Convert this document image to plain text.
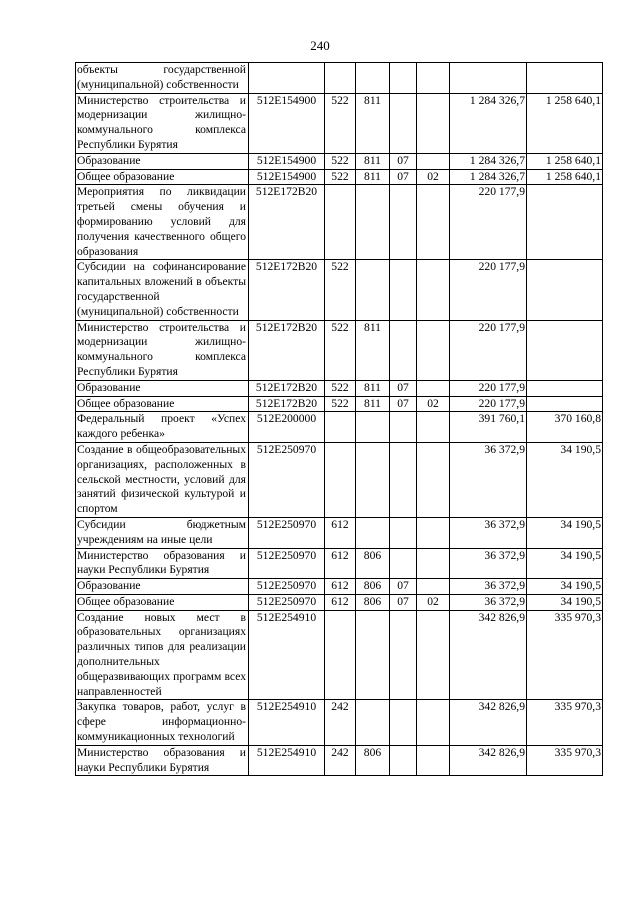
240
объекты государственной (муниципальной) собственности							
Министерство строительства и модернизации жилищно-коммунального комплекса Республики Бурятия	512E154900	522	811			1 284 326,7	1 258 640,1
Образование	512E154900	522	811	07		1 284 326,7	1 258 640,1
Общее образование	512E154900	522	811	07	02	1 284 326,7	1 258 640,1
Мероприятия по ликвидации третьей смены обучения и формированию условий для получения качественного общего образования	512E172B20					220 177,9	
Субсидии на софинансирование капитальных вложений в объекты государственной (муниципальной) собственности	512E172B20	522				220 177,9	
Министерство строительства и модернизации жилищно-коммунального комплекса Республики Бурятия	512E172B20	522	811			220 177,9	
Образование	512E172B20	522	811	07		220 177,9	
Общее образование	512E172B20	522	811	07	02	220 177,9	
Федеральный проект «Успех каждого ребенка»	512E200000					391 760,1	370 160,8
Создание в общеобразовательных организациях, расположенных в сельской местности, условий для занятий физической культурой и спортом	512E250970					36 372,9	34 190,5
Субсидии бюджетным учреждениям на иные цели	512E250970	612				36 372,9	34 190,5
Министерство образования и науки Республики Бурятия	512E250970	612	806			36 372,9	34 190,5
Образование	512E250970	612	806	07		36 372,9	34 190,5
Общее образование	512E250970	612	806	07	02	36 372,9	34 190,5
Создание новых мест в образовательных организациях различных типов для реализации дополнительных общеразвивающих программ всех направленностей	512E254910					342 826,9	335 970,3
Закупка товаров, работ, услуг в сфере информационно-коммуникационных технологий	512E254910	242				342 826,9	335 970,3
Министерство образования и науки Республики Бурятия	512E254910	242	806			342 826,9	335 970,3
